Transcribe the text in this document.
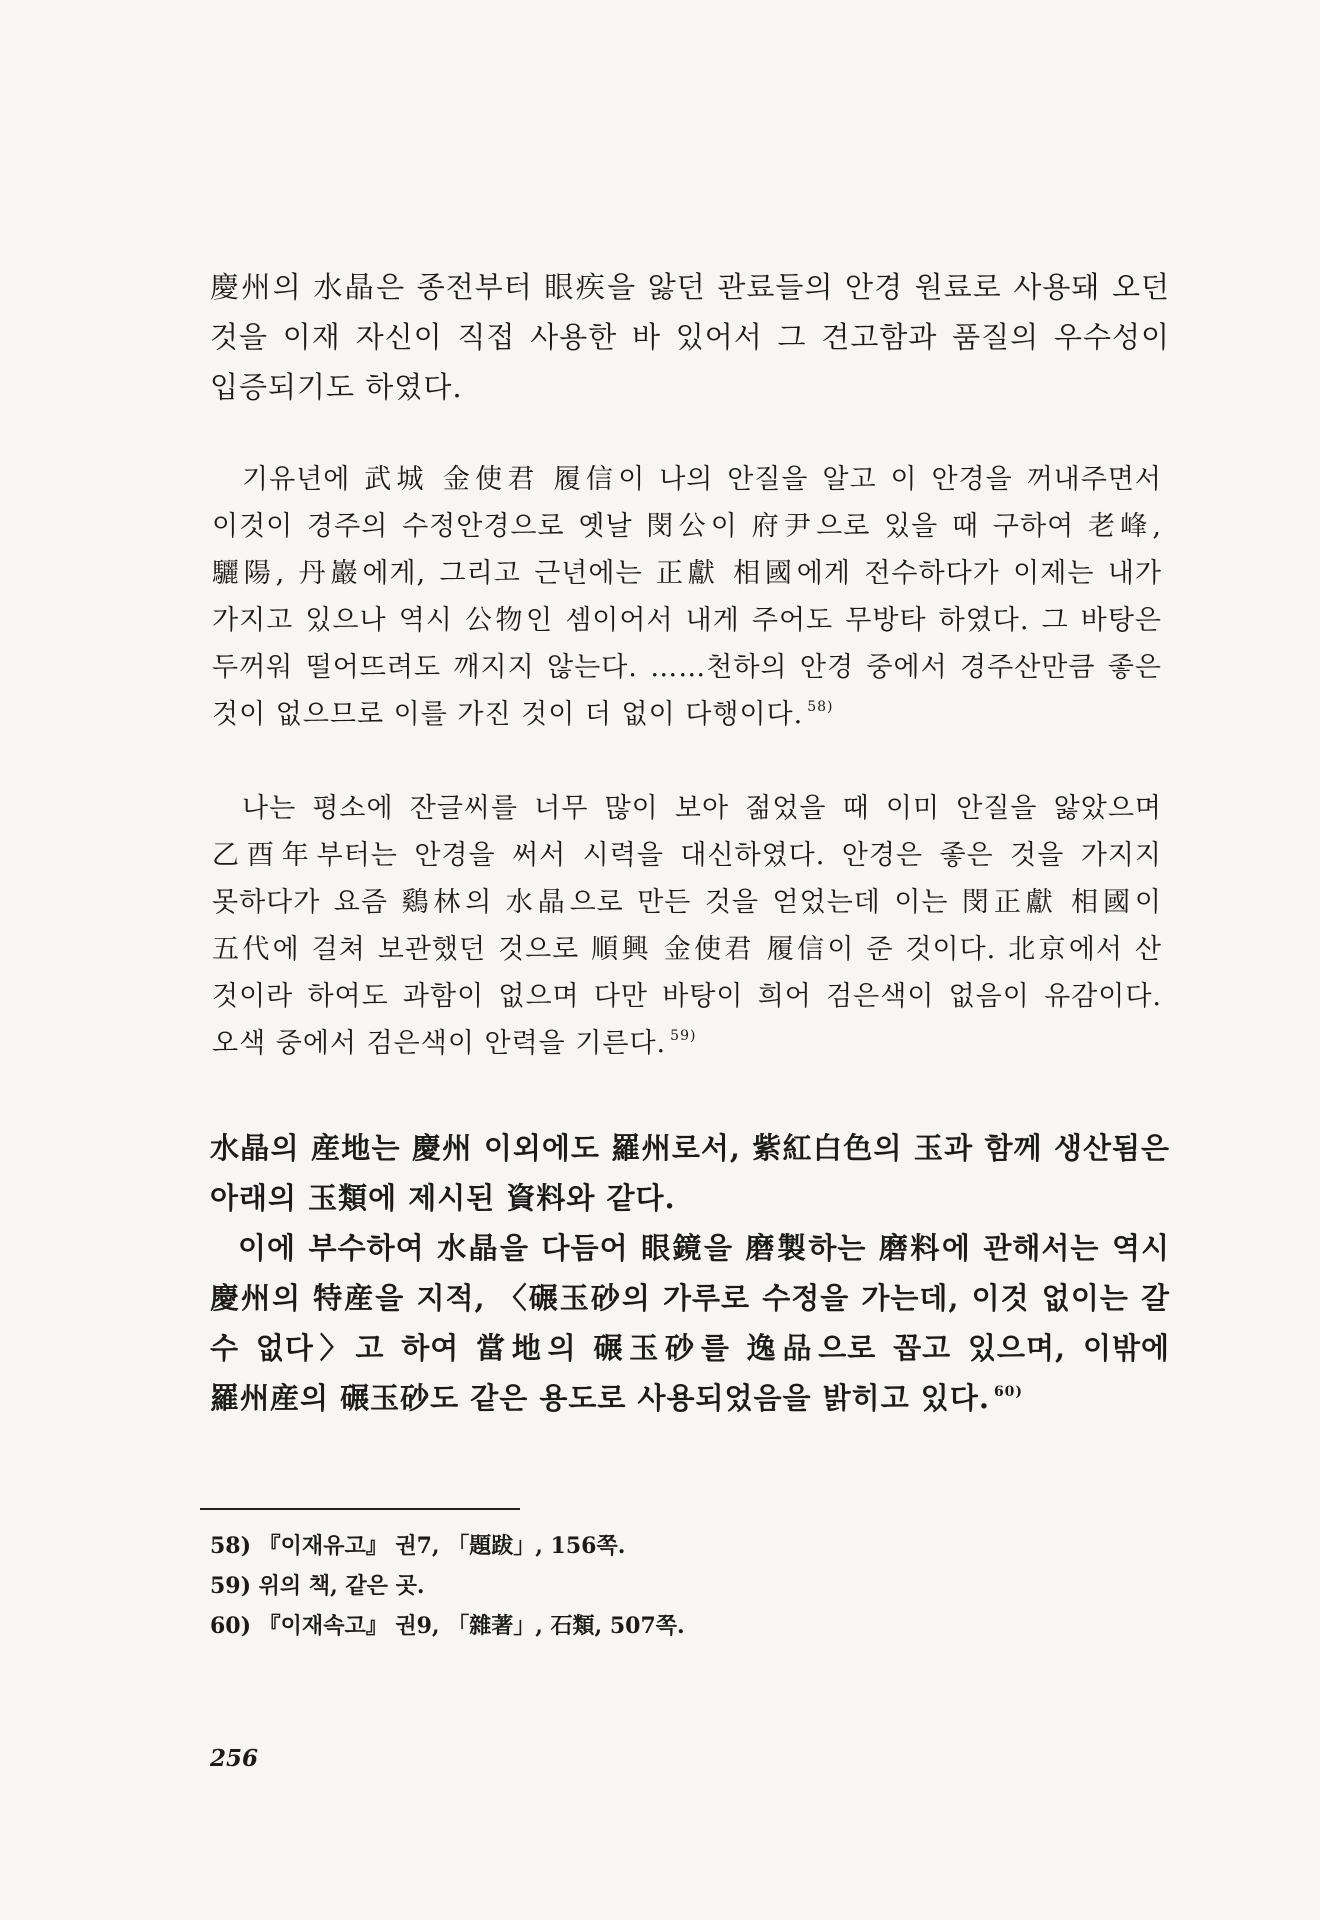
慶州의 水晶은 종전부터 眼疾을 앓던 관료들의 안경 원료로 사용돼 오던 것을 이재 자신이 직접 사용한 바 있어서 그 견고함과 품질의 우수성이 입증되기도 하였다.

기유년에 武城 金使君 履信이 나의 안질을 알고 이 안경을 꺼내주면서 이것이 경주의 수정안경으로 옛날 閔公이 府尹으로 있을 때 구하여 老峰, 驪陽, 丹巖에게, 그리고 근년에는 正獻 相國에게 전수하다가 이제는 내가 가지고 있으나 역시 公物인 셈이어서 내게 주어도 무방타 하였다. 그 바탕은 두꺼워 떨어뜨려도 깨지지 않는다. ……천하의 안경 중에서 경주산만큼 좋은 것이 없으므로 이를 가진 것이 더 없이 다행이다. $^{58)}$

나는 평소에 잔글씨를 너무 많이 보아 젊었을 때 이미 안질을 앓았으며 乙酉年부터는 안경을 써서 시력을 대신하였다. 안경은 좋은 것을 가지지 못하다가 요즘 鷄林의 水晶으로 만든 것을 얻었는데 이는 閔正獻 相國이 五代에 걸쳐 보관했던 것으로 順興 金使君 履信이 준 것이다. 北京에서 산 것이라 하여도 과함이 없으며 다만 바탕이 희어 검은색이 없음이 유감이다. 오색 중에서 검은색이 안력을 기른다. $^{59)}$

水晶의 産地는 慶州 이외에도 羅州로서, 紫紅白色의 玉과 함께 생산됨은 아래의 玉類에 제시된 資料와 같다.

이에 부수하여 水晶을 다듬어 眼鏡을 磨製하는 磨料에 관해서는 역시 慶州의 特産을 지적, 〈碾玉砂의 가루로 수정을 가는데, 이것 없이는 갈 수 없다〉고 하여 當地의 碾玉砂를 逸品으로 꼽고 있으며, 이밖에 羅州産의 碾玉砂도 같은 용도로 사용되었음을 밝히고 있다. $^{60)}$

58) 『이재유고』 권7, 「題跋」, 156쪽.
59) 위의 책, 같은 곳.
60) 『이재속고』 권9, 「雜著」, 石類, 507쪽.
256
